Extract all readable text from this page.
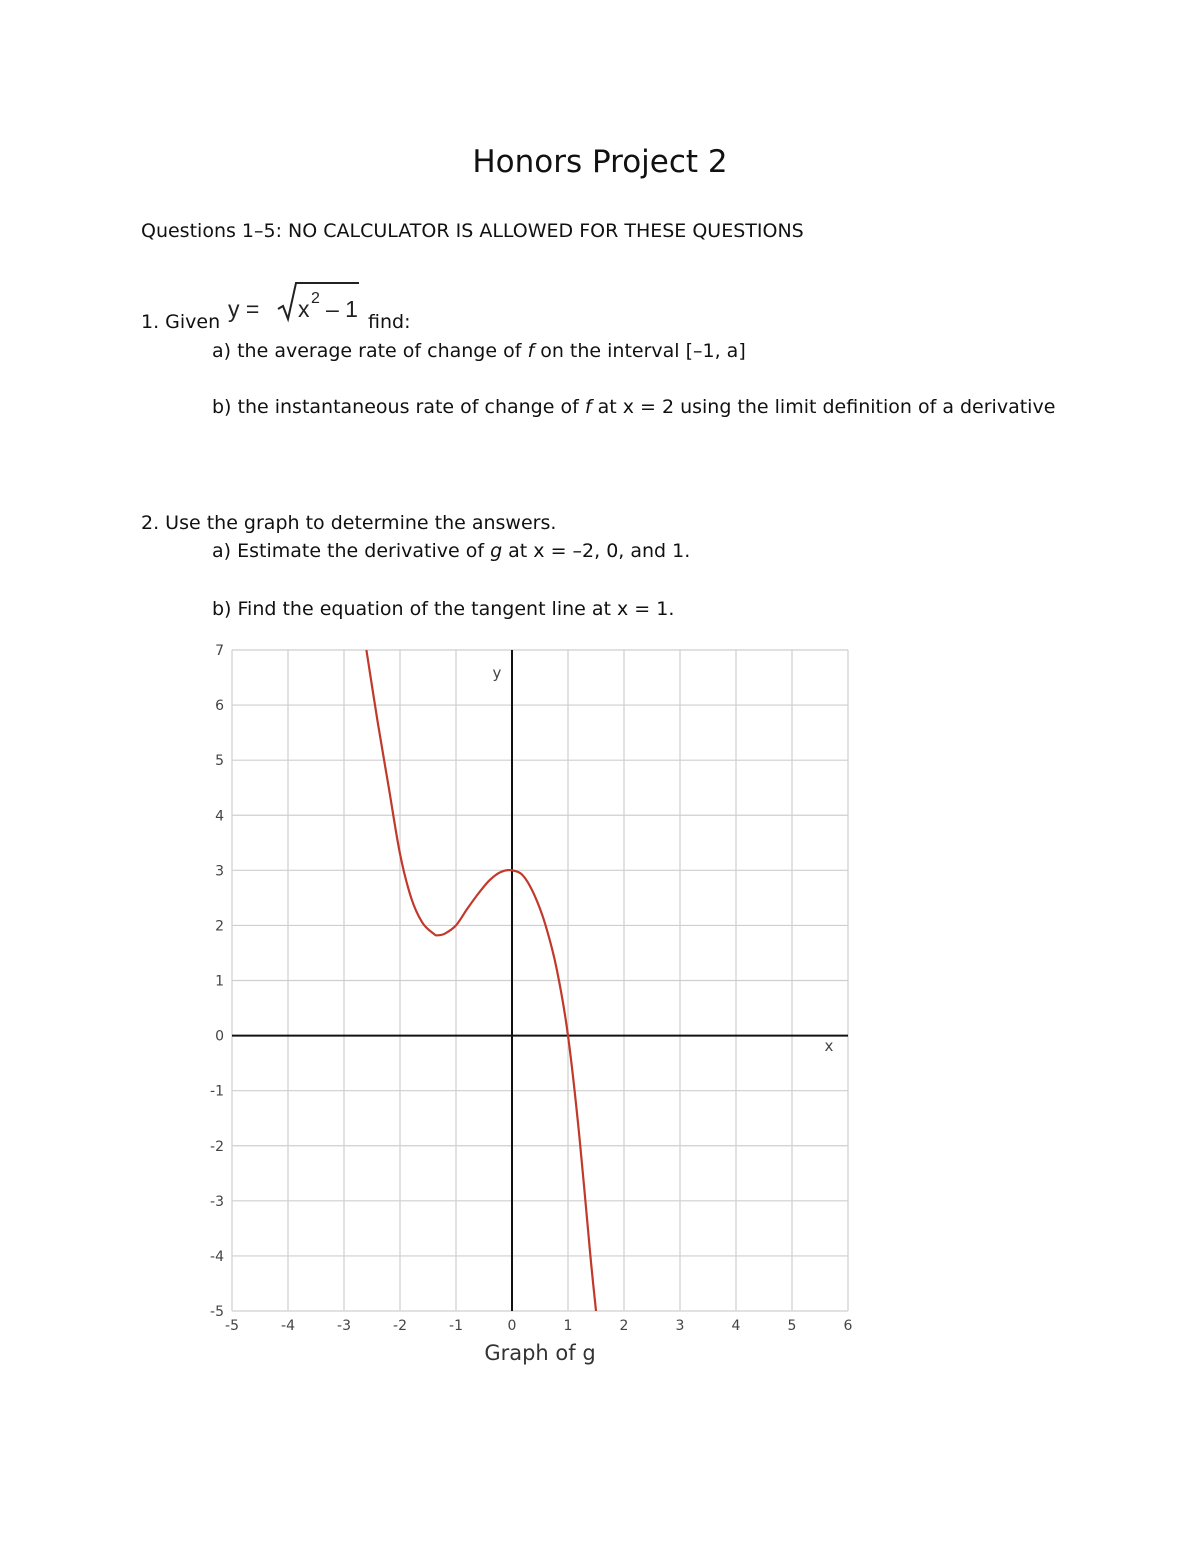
Honors Project 2
Questions 1–5: NO CALCULATOR IS ALLOWED FOR THESE QUESTIONS
1. Given y = x 2 – 1 find:
a) the average rate of change of f on the interval [–1, a]
b) the instantaneous rate of change of f at x = 2 using the limit definition of a derivative
2. Use the graph to determine the answers.
a) Estimate the derivative of g at x = –2, 0, and 1.
b) Find the equation of the tangent line at x = 1.
-5	-4	-3	-2	-1	0	1	2	3	4	5	6
7
6
5
4
3
2
1
0
-1
-2
-3
-4
-5
y
x
Graph of g
